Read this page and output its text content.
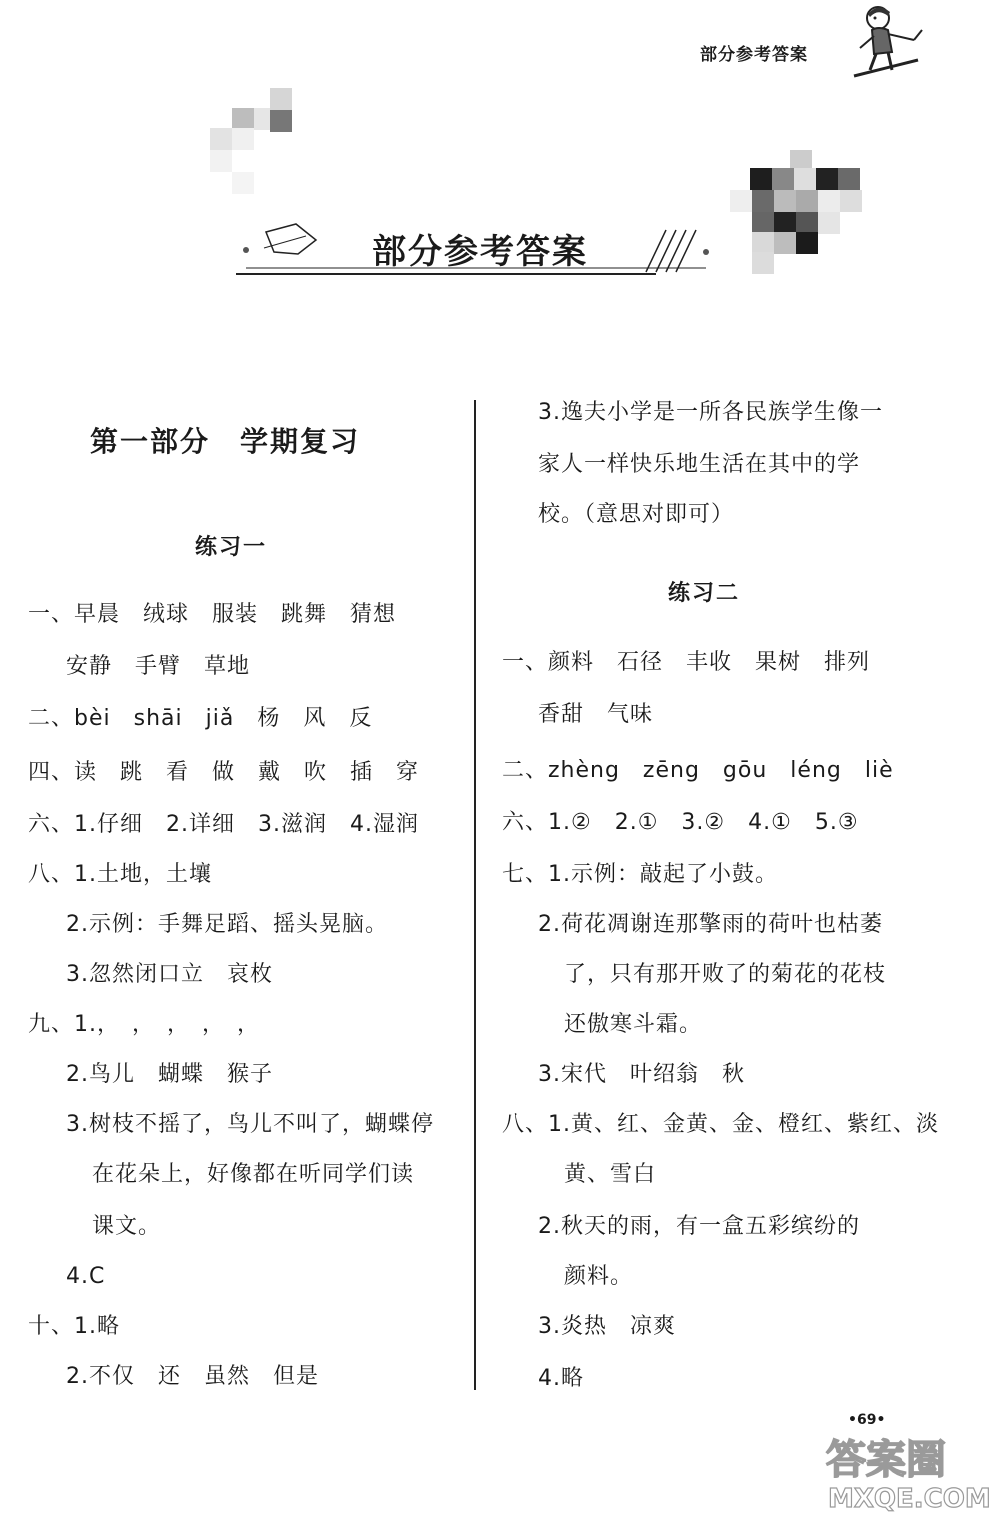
部分参考答案
部分参考答案
第一部分　学期复习
练习一
一、早晨　绒球　服装　跳舞　猜想
安静　手臂　草地
二、bèi　shāi　jiǎ　杨　风　反
四、读　跳　看　做　戴　吹　插　穿
六、1.仔细　2.详细　3.滋润　4.湿润
八、1.土地，土壤
2.示例：手舞足蹈、摇头晃脑。
3.忽然闭口立　哀枚
九、1.，　，　，　，　，
2.鸟儿　蝴蝶　猴子
3.树枝不摇了，鸟儿不叫了，蝴蝶停
在花朵上，好像都在听同学们读
课文。
4.C
十、1.略
2.不仅　还　虽然　但是
3.逸夫小学是一所各民族学生像一
家人一样快乐地生活在其中的学
校。（意思对即可）
练习二
一、颜料　石径　丰收　果树　排列
香甜　气味
二、zhèng　zēng　gōu　léng　liè
六、1.②　2.①　3.②　4.①　5.③
七、1.示例：敲起了小鼓。
2.荷花凋谢连那擎雨的荷叶也枯萎
了，只有那开败了的菊花的花枝
还傲寒斗霜。
3.宋代　叶绍翁　秋
八、1.黄、红、金黄、金、橙红、紫红、淡
黄、雪白
2.秋天的雨，有一盒五彩缤纷的
颜料。
3.炎热　凉爽
4.略
•69•
答案圈
MXQE.COM
